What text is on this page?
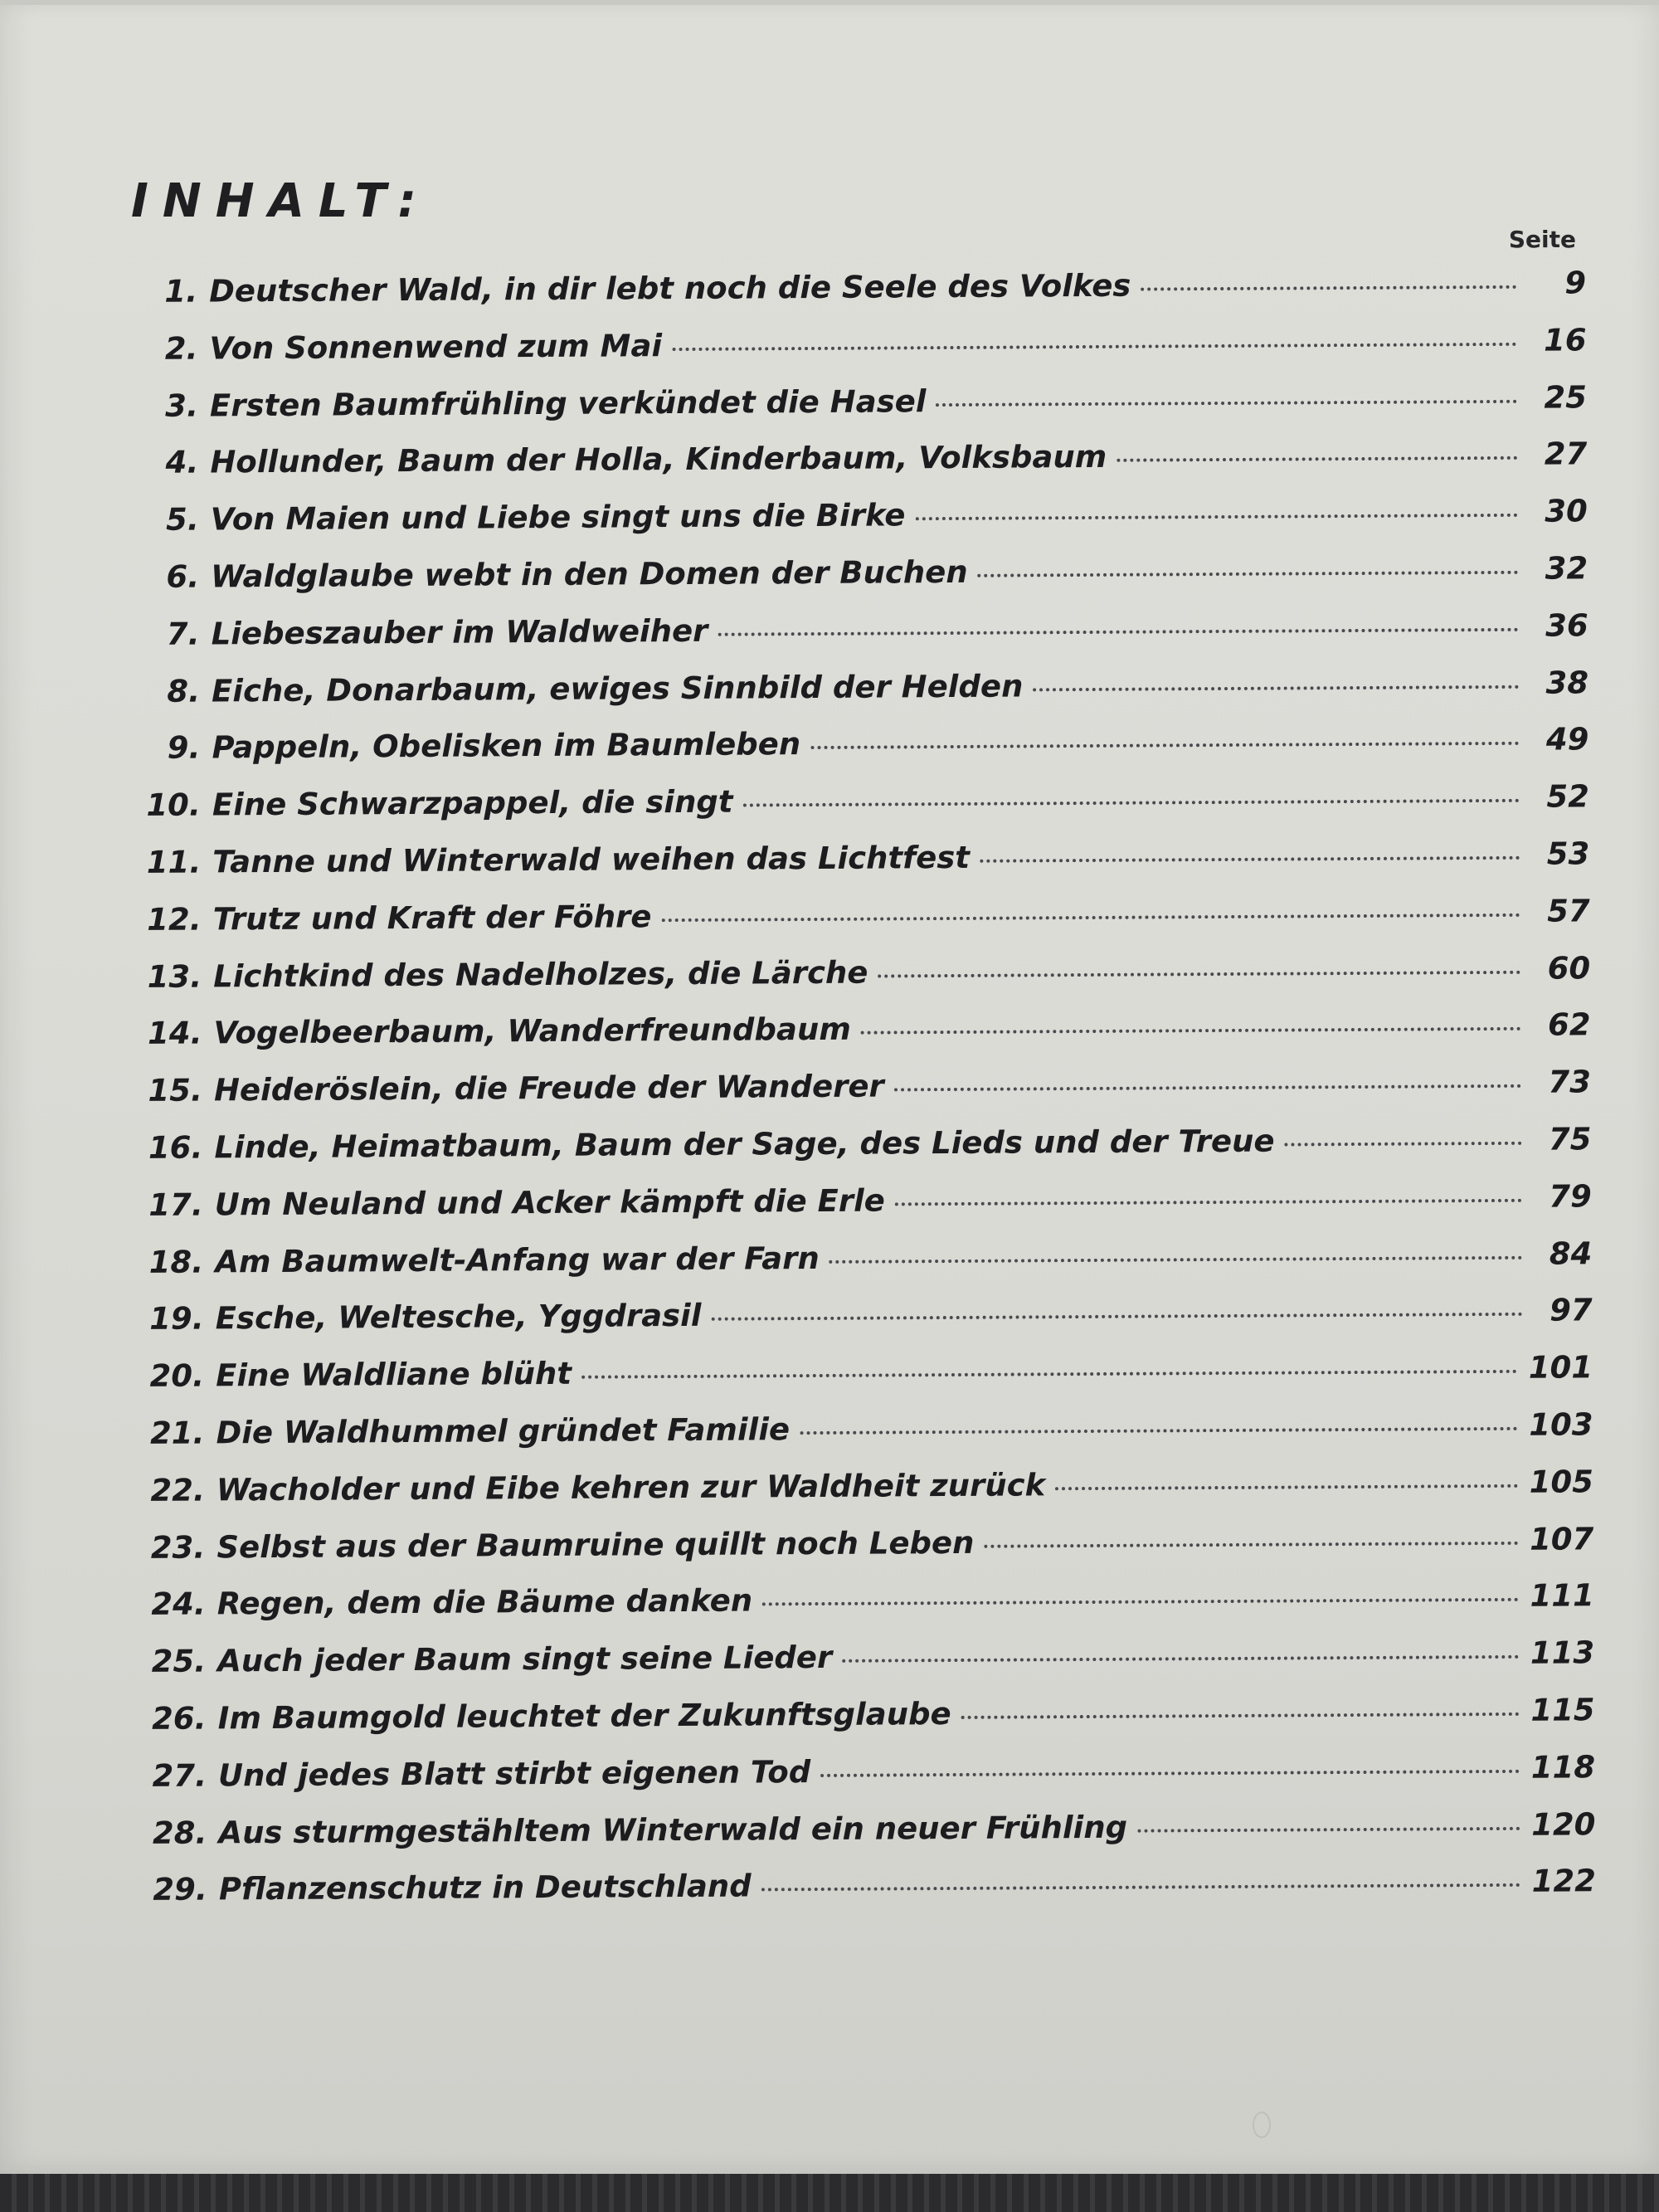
INHALT:
Seite
1. Deutscher Wald, in dir lebt noch die Seele des Volkes	9
2. Von Sonnenwend zum Mai	16
3. Ersten Baumfrühling verkündet die Hasel	25
4. Hollunder, Baum der Holla, Kinderbaum, Volksbaum	27
5. Von Maien und Liebe singt uns die Birke	30
6. Waldglaube webt in den Domen der Buchen	32
7. Liebeszauber im Waldweiher	36
8. Eiche, Donarbaum, ewiges Sinnbild der Helden	38
9. Pappeln, Obelisken im Baumleben	49
10. Eine Schwarzpappel, die singt	52
11. Tanne und Winterwald weihen das Lichtfest	53
12. Trutz und Kraft der Föhre	57
13. Lichtkind des Nadelholzes, die Lärche	60
14. Vogelbeerbaum, Wanderfreundbaum	62
15. Heideröslein, die Freude der Wanderer	73
16. Linde, Heimatbaum, Baum der Sage, des Lieds und der Treue	75
17. Um Neuland und Acker kämpft die Erle	79
18. Am Baumwelt-Anfang war der Farn	84
19. Esche, Weltesche, Yggdrasil	97
20. Eine Waldliane blüht	101
21. Die Waldhummel gründet Familie	103
22. Wacholder und Eibe kehren zur Waldheit zurück	105
23. Selbst aus der Baumruine quillt noch Leben	107
24. Regen, dem die Bäume danken	111
25. Auch jeder Baum singt seine Lieder	113
26. Im Baumgold leuchtet der Zukunftsglaube	115
27. Und jedes Blatt stirbt eigenen Tod	118
28. Aus sturmgestähltem Winterwald ein neuer Frühling	120
29. Pflanzenschutz in Deutschland	122
